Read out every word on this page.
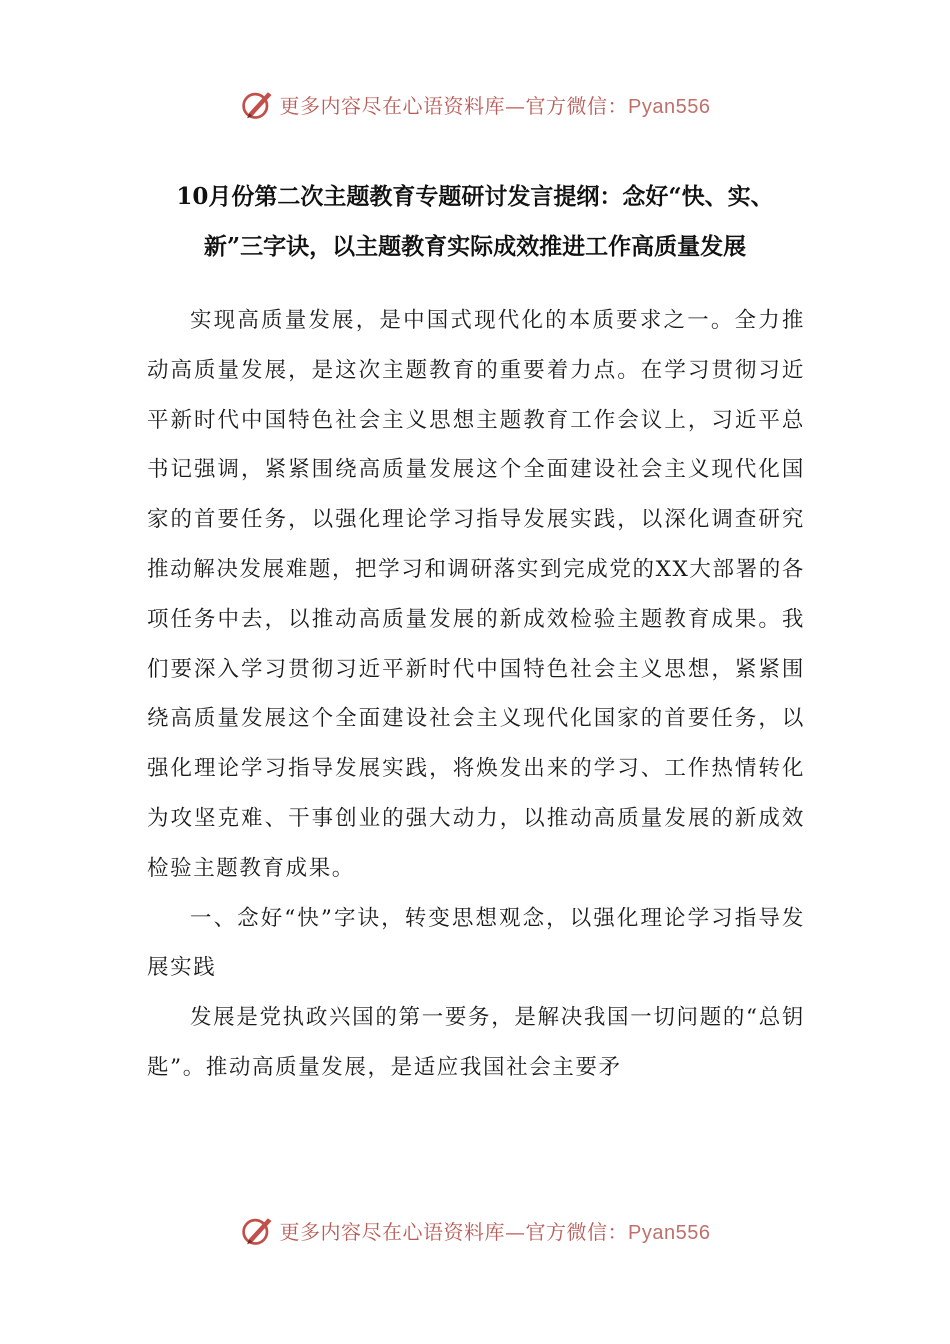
更多内容尽在心语资料库—官方微信：Pyan556
10月份第二次主题教育专题研讨发言提纲：念好“快、实、
新”三字诀，以主题教育实际成效推进工作高质量发展

实现高质量发展，是中国式现代化的本质要求之一。全力推动高质量发展，是这次主题教育的重要着力点。在学习贯彻习近平新时代中国特色社会主义思想主题教育工作会议上，习近平总书记强调，紧紧围绕高质量发展这个全面建设社会主义现代化国家的首要任务，以强化理论学习指导发展实践，以深化调查研究推动解决发展难题，把学习和调研落实到完成党的XX大部署的各项任务中去，以推动高质量发展的新成效检验主题教育成果。我们要深入学习贯彻习近平新时代中国特色社会主义思想，紧紧围绕高质量发展这个全面建设社会主义现代化国家的首要任务，以强化理论学习指导发展实践，将焕发出来的学习、工作热情转化为攻坚克难、干事创业的强大动力，以推动高质量发展的新成效检验主题教育成果。

一、念好“快”字诀，转变思想观念，以强化理论学习指导发展实践

发展是党执政兴国的第一要务，是解决我国一切问题的“总钥匙”。推动高质量发展，是适应我国社会主要矛

更多内容尽在心语资料库—官方微信：Pyan556
